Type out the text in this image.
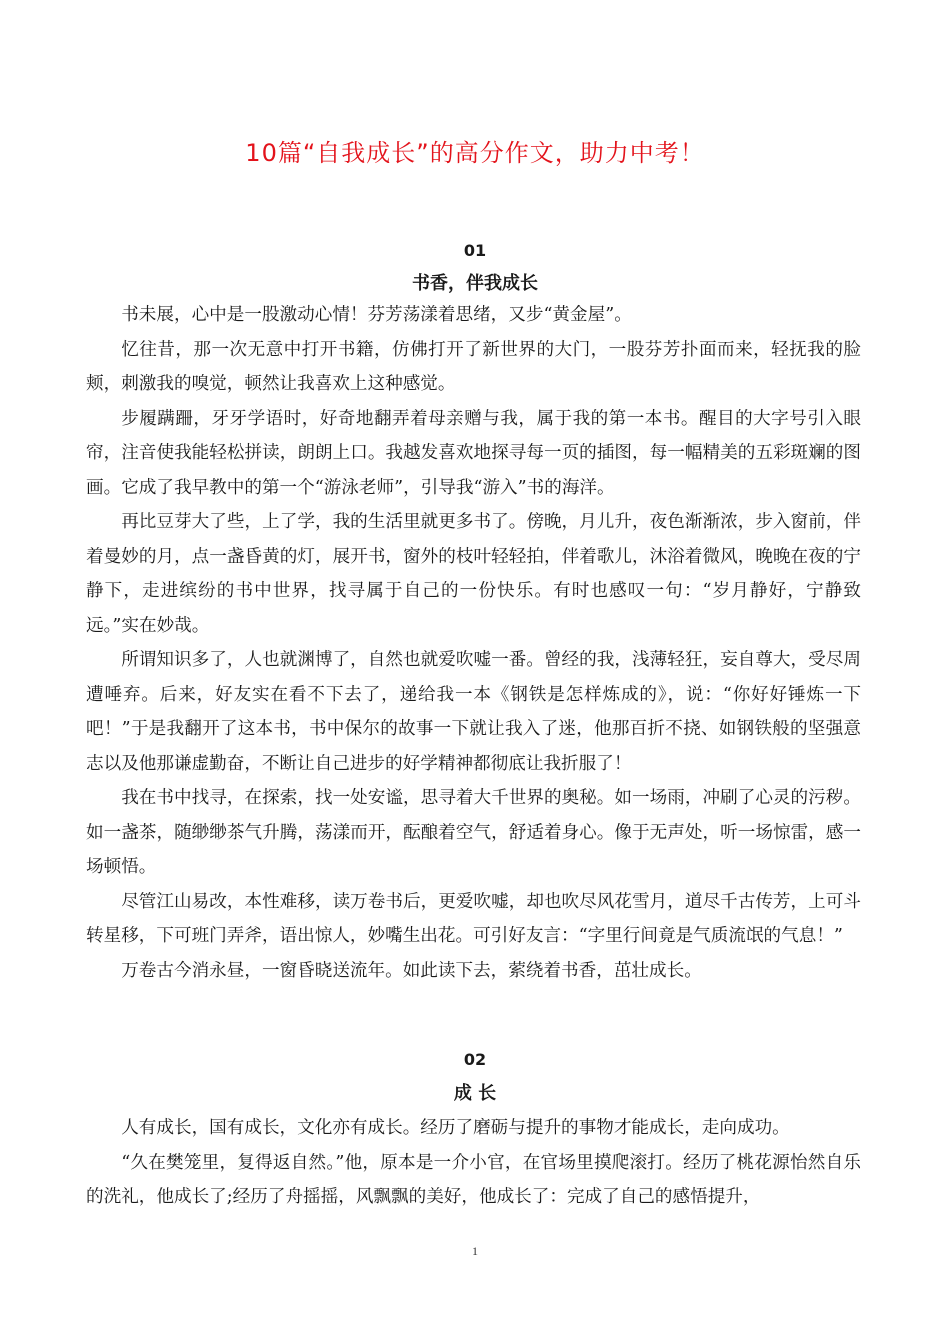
10篇“自我成长”的高分作文，助力中考！
01
书香，伴我成长

书未展，心中是一股激动心情！芬芳荡漾着思绪，又步“黄金屋”。

忆往昔，那一次无意中打开书籍，仿佛打开了新世界的大门，一股芬芳扑面而来，轻抚我的脸颊，刺激我的嗅觉，顿然让我喜欢上这种感觉。

步履蹒跚，牙牙学语时，好奇地翻弄着母亲赠与我，属于我的第一本书。醒目的大字号引入眼帘，注音使我能轻松拼读，朗朗上口。我越发喜欢地探寻每一页的插图，每一幅精美的五彩斑斓的图画。它成了我早教中的第一个“游泳老师”，引导我“游入”书的海洋。

再比豆芽大了些，上了学，我的生活里就更多书了。傍晚，月儿升，夜色渐渐浓，步入窗前，伴着曼妙的月，点一盏昏黄的灯，展开书，窗外的枝叶轻轻拍，伴着歌儿，沐浴着微风，晚晚在夜的宁静下，走进缤纷的书中世界，找寻属于自己的一份快乐。有时也感叹一句：“岁月静好，宁静致远。”实在妙哉。

所谓知识多了，人也就渊博了，自然也就爱吹嘘一番。曾经的我，浅薄轻狂，妄自尊大，受尽周遭唾弃。后来，好友实在看不下去了，递给我一本《钢铁是怎样炼成的》，说：“你好好锤炼一下吧！”于是我翻开了这本书，书中保尔的故事一下就让我入了迷，他那百折不挠、如钢铁般的坚强意志以及他那谦虚勤奋，不断让自己进步的好学精神都彻底让我折服了！

我在书中找寻，在探索，找一处安谧，思寻着大千世界的奥秘。如一场雨，冲刷了心灵的污秽。如一盏茶，随缈缈茶气升腾，荡漾而开，酝酿着空气，舒适着身心。像于无声处，听一场惊雷，感一场顿悟。

尽管江山易改，本性难移，读万卷书后，更爱吹嘘，却也吹尽风花雪月，道尽千古传芳，上可斗转星移，下可班门弄斧，语出惊人，妙嘴生出花。可引好友言：“字里行间竟是气质流氓的气息！”

万卷古今消永昼，一窗昏晓送流年。如此读下去，萦绕着书香，茁壮成长。

02
成 长

人有成长，国有成长，文化亦有成长。经历了磨砺与提升的事物才能成长，走向成功。

“久在樊笼里，复得返自然。”他，原本是一介小官，在官场里摸爬滚打。经历了桃花源怡然自乐的洗礼，他成长了;经历了舟摇摇，风飘飘的美好，他成长了：完成了自己的感悟提升，

1
